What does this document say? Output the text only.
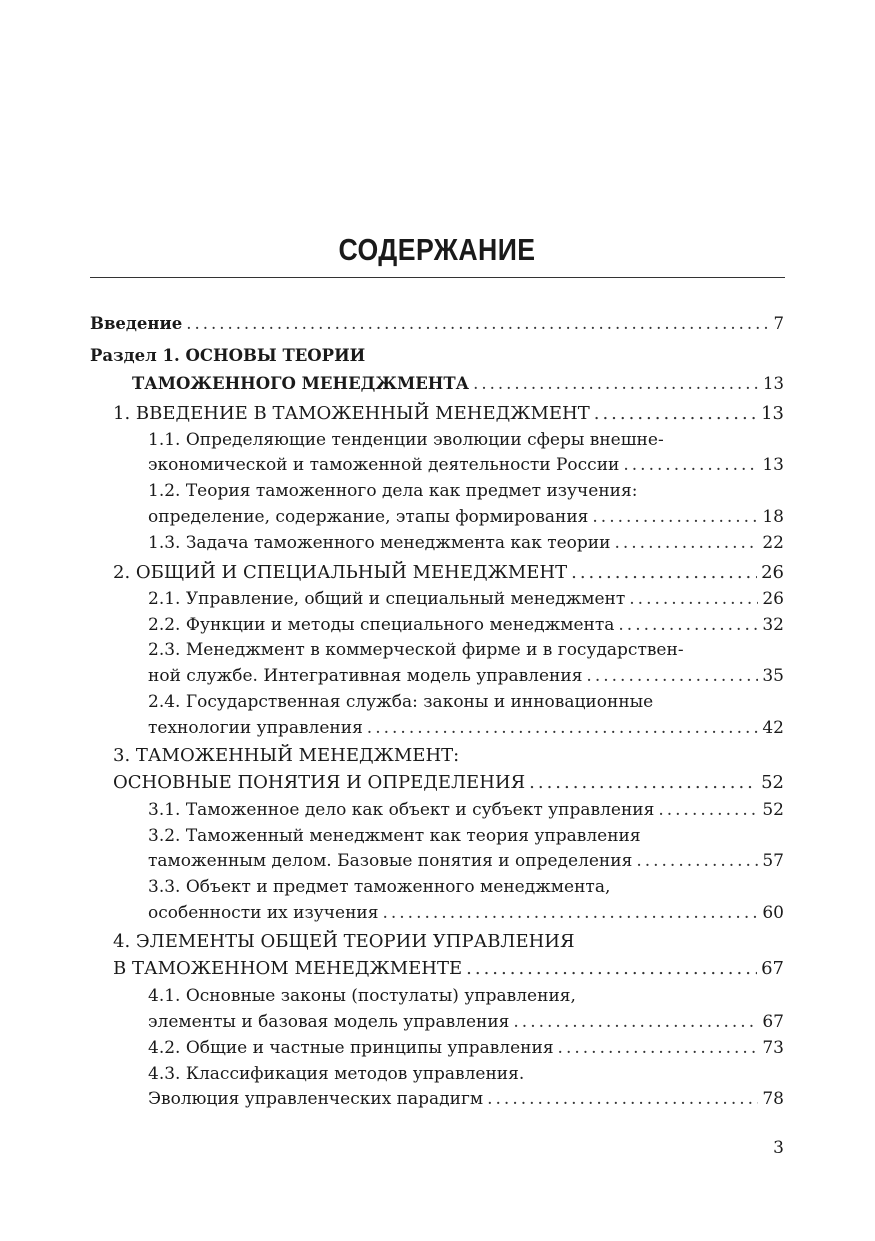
СОДЕРЖАНИЕ
Введение .....	7
Раздел 1. ОСНОВЫ ТЕОРИИ
ТАМОЖЕННОГО МЕНЕДЖМЕНТА .....	13
1. ВВЕДЕНИЕ В ТАМОЖЕННЫЙ МЕНЕДЖМЕНТ .....	13
1.1. Определяющие тенденции эволюции сферы внешне-
экономической и таможенной деятельности России .....	13
1.2. Теория таможенного дела как предмет изучения:
определение, содержание, этапы формирования .....	18
1.3. Задача таможенного менеджмента как теории .....	22
2. ОБЩИЙ И СПЕЦИАЛЬНЫЙ МЕНЕДЖМЕНТ .....	26
2.1. Управление, общий и специальный менеджмент .....	26
2.2. Функции и методы специального менеджмента .....	32
2.3. Менеджмент в коммерческой фирме и в государствен-
ной службе. Интегративная модель управления .....	35
2.4. Государственная служба: законы и инновационные
технологии управления .....	42
3. ТАМОЖЕННЫЙ МЕНЕДЖМЕНТ:
ОСНОВНЫЕ ПОНЯТИЯ И ОПРЕДЕЛЕНИЯ .....	52
3.1. Таможенное дело как объект и субъект управления .....	52
3.2. Таможенный менеджмент как теория управления
таможенным делом. Базовые понятия и определения .....	57
3.3. Объект и предмет таможенного менеджмента,
особенности их изучения .....	60
4. ЭЛЕМЕНТЫ ОБЩЕЙ ТЕОРИИ УПРАВЛЕНИЯ
В ТАМОЖЕННОМ МЕНЕДЖМЕНТЕ .....	67
4.1. Основные законы (постулаты) управления,
элементы и базовая модель управления .....	67
4.2. Общие и частные принципы управления .....	73
4.3. Классификация методов управления.
Эволюция управленческих парадигм .....	78
3
